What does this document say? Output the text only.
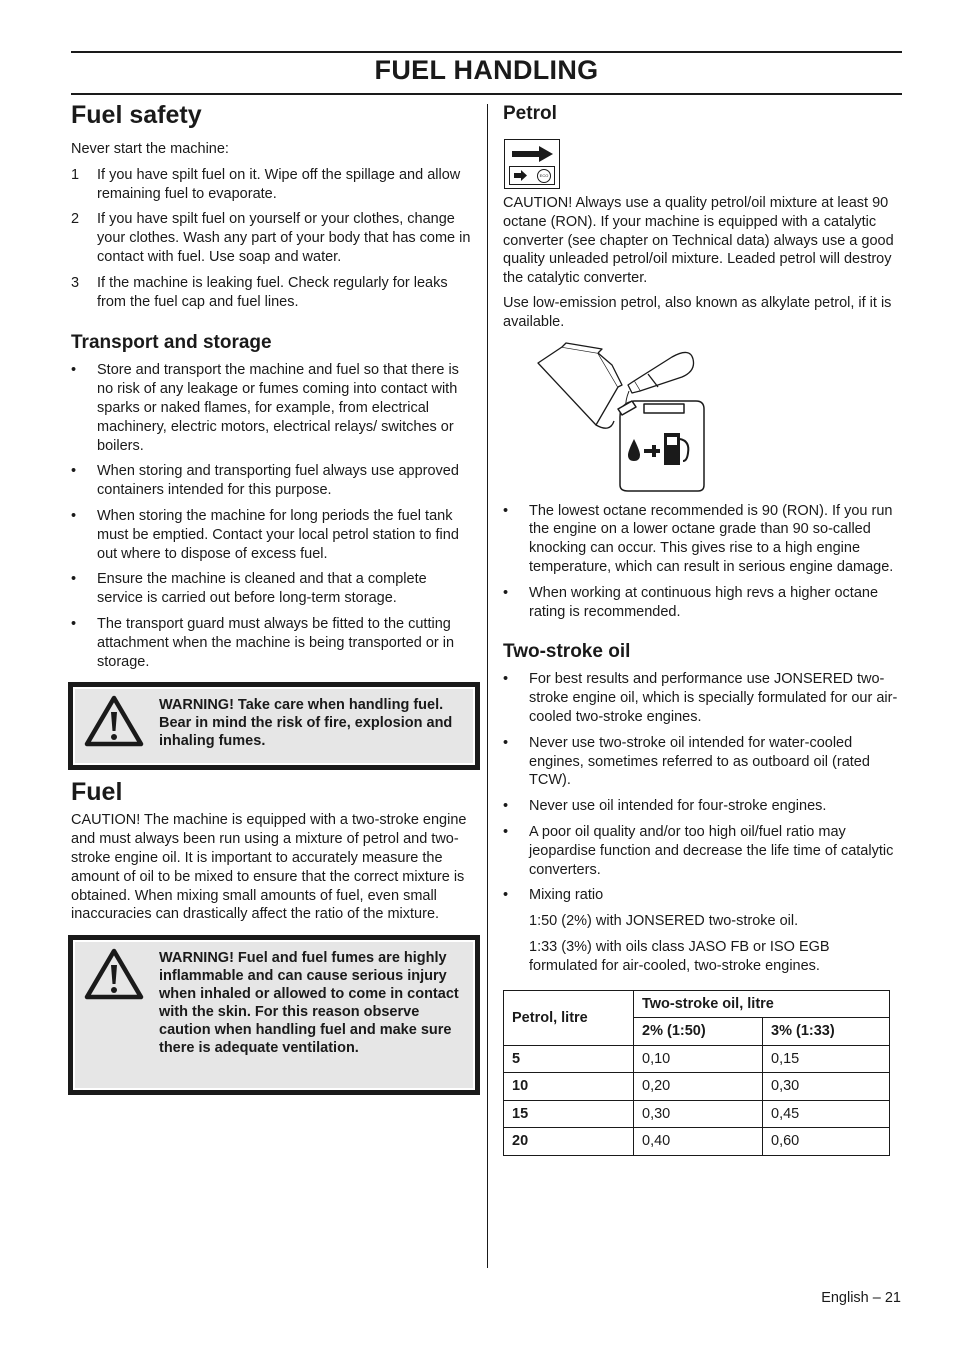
FUEL HANDLING
Fuel safety

Never start the machine:

1 If you have spilt fuel on it. Wipe off the spillage and allow remaining fuel to evaporate.
2 If you have spilt fuel on yourself or your clothes, change your clothes. Wash any part of your body that has come in contact with fuel. Use soap and water.
3 If the machine is leaking fuel. Check regularly for leaks from the fuel cap and fuel lines.
Transport and storage
• Store and transport the machine and fuel so that there is no risk of any leakage or fumes coming into contact with sparks or naked flames, for example, from electrical machinery, electric motors, electrical relays/ switches or boilers.
• When storing and transporting fuel always use approved containers intended for this purpose.
• When storing the machine for long periods the fuel tank must be emptied. Contact your local petrol station to find out where to dispose of excess fuel.
• Ensure the machine is cleaned and that a complete service is carried out before long-term storage.
• The transport guard must always be fitted to the cutting attachment when the machine is being transported or in storage.
WARNING! Take care when handling fuel. Bear in mind the risk of fire, explosion and inhaling fumes.
Fuel

CAUTION! The machine is equipped with a two-stroke engine and must always been run using a mixture of petrol and two-stroke engine oil. It is important to accurately measure the amount of oil to be mixed to ensure that the correct mixture is obtained. When mixing small amounts of fuel, even small inaccuracies can drastically affect the ratio of the mixture.

WARNING! Fuel and fuel fumes are highly inflammable and can cause serious injury when inhaled or allowed to come in contact with the skin. For this reason observe caution when handling fuel and make sure there is adequate ventilation.
Petrol
ECO

CAUTION! Always use a quality petrol/oil mixture at least 90 octane (RON). If your machine is equipped with a catalytic converter (see chapter on Technical data) always use a good quality unleaded petrol/oil mixture. Leaded petrol will destroy the catalytic converter.

Use low-emission petrol, also known as alkylate petrol, if it is available.

• The lowest octane recommended is 90 (RON). If you run the engine on a lower octane grade than 90 so-called knocking can occur. This gives rise to a high engine temperature, which can result in serious engine damage.
• When working at continuous high revs a higher octane rating is recommended.
Two-stroke oil
• For best results and performance use JONSERED two-stroke engine oil, which is specially formulated for our air-cooled two-stroke engines.
• Never use two-stroke oil intended for water-cooled engines, sometimes referred to as outboard oil (rated TCW).
• Never use oil intended for four-stroke engines.
• A poor oil quality and/or too high oil/fuel ratio may jeopardise function and decrease the life time of catalytic converters.
• Mixing ratio

1:50 (2%) with JONSERED two-stroke oil.

1:33 (3%) with oils class JASO FB or ISO EGB formulated for air-cooled, two-stroke engines.

Petrol, litre	Two-stroke oil, litre	
	2% (1:50)	3% (1:33)
5	0,10	0,15
10	0,20	0,30
15	0,30	0,45
20	0,40	0,60
English – 21
